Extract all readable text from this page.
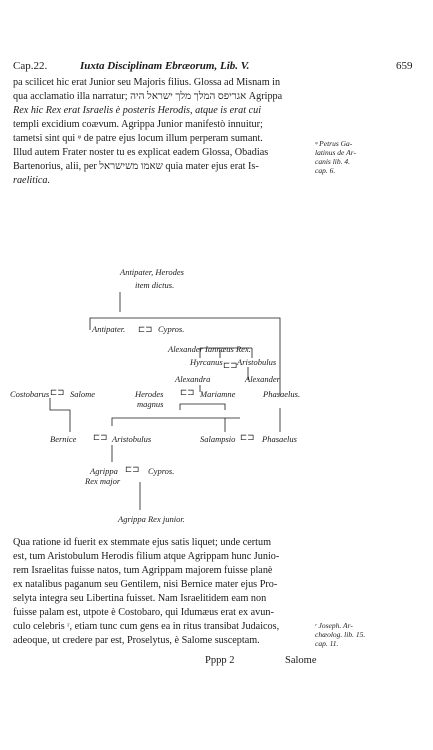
Cap.22.	Iuxta Disciplinam Ebræorum, Lib. V.	659
pa scilicet hic erat Junior seu Majoris filius. Glossa ad Misnam in
qua acclamatio illa narratur; אגריפס המלך מלך ישראל היה Agrippa
Rex hic Rex erat Israelis è posteris Herodis, atque is erat cui
templi excidium coævum. Agrippa Junior manifestò innuitur;
tametsi sint qui ᵠ de patre ejus locum illum perperam sumant.
Illud autem Frater noster tu es explicat eadem Glossa, Obadias
Bartenorius, alii, per שאמו משישראל quia mater ejus erat Is-
raelitica.
ᵠ Petrus Ga-
latinus de Ar-
canis lib. 4.
cap. 6.
⊏⊐
⊏⊐
⊏⊐	⊏⊐
⊏⊐	⊏⊐
⊏⊐
Antipater, Herodes
item dictus.
Antipater.	Cypros.
Alexander Iannæus Rex.
Hyrcanus Aristobulus
Alexandra	Alexander
Costobarus Salome	Herodes
magnus
Mariamne	Phasaelus.
Bernice	Aristobulus	Salampsio	Phasaelus
Agrippa
Rex major
Cypros.
Agrippa Rex junior.
Qua ratione id fuerit ex stemmate ejus satis liquet; unde certum
est, tum Aristobulum Herodis filium atque Agrippam hunc Junio-
rem Israelitas fuisse natos, tum Agrippam majorem fuisse planè
ex natalibus paganum seu Gentilem, nisi Bernice mater ejus Pro-
selyta integra seu Libertina fuisset. Nam Israelitidem eam non
fuisse palam est, utpote è Costobaro, qui Idumæus erat ex avun-
culo celebris ʳ, etiam tunc cum gens ea in ritus transibat Judaicos,
adeoque, ut credere par est, Proselytus, è Salome susceptam.
ʳ Joseph. Ar-
chæolog. lib. 15.
cap. 11.
Pppp 2	Salome
